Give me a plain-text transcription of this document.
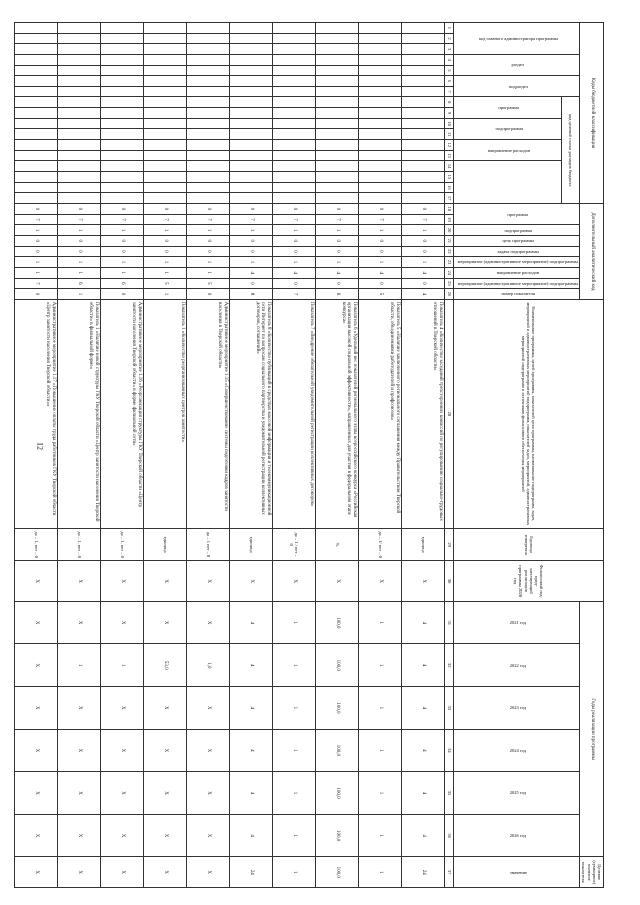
12
Коды бюджетной классификации																	Дополнительный аналитический код									Наименование программы, целей программы, показателей цели программы, наименование подпрограмм, задач, мероприятий и административных мероприятий подпрограмм, показателей задач, мероприятий, административных мероприятий подпрограмм и источников финансового обеспечения мероприятий	Единица измерения	Финансовый год, пред-шествующий реализации программы 2020 год	Годы реализации программы						Целевое (суммарное) значение показателя
код главного администратора программы			раздел		подраздел		код целевой статьи расходов бюджета										программа		подпрограмма	цель программы	задача подпрограммы	мероприятие (административное мероприятие) подпрограммы	направление расходов	мероприятие (административное мероприятие) подпрограммы	номер показателя				2021 год	2022 год	2023 год	2024 год	2025 год	2026 год	значение
							программа		подпрограмма		направление расходов																								
1	2	3	4	5	6	7	8	9	10	11	12	13	14	15	16	17	18	19	20	21	22	23	24	25	26	28	29	30	31	32	33	34	35	36	37
																	0	7	1	0	0	1	4	0	4	Показатель 4 «Количество заседаний трехсторонних комиссий по регулированию социально-трудовых отношений в Тверской области»	единица	X	4	4	4	4	4	4	24
																	0	7	1	0	0	1	4	0	5	Показатель 5 «Наличие заключенного регионального соглашения между Правительством Тверской области, объединениями работодателей и профсоюзов»	да – 1/ нет – 0	X	1	1	1	1	1	1	1
																	0	7	1	0	0	1	4	0	6	Показатель 6 «Удельный вес показателей регионального этапа всероссийского конкурса «Российская организация высокой социальной эффективности», направленных для участия в федеральном этапе конкурса»	%	X	100,0	100,0	100,0	100,0	100,0	100,0	100,0
																	0	7	1	0	0	1	4	0	7	Показатель 7 «Внедрение обязательной уведомительной регистрации коллективных договоров»	да – 1 / нет – 0	X	1	1	1	1	1	1	1
																	0	7	1	0	0	1	4	0	8	Показатель 8 «Количество публикаций в средствах массовой информации и телекоммуникационной сети Интернет по вопросам социального партнерства и уведомительной регистрации коллективных договоров, соглашений»	единица	X	4	4	4	4	4	4	24
																	0	7	1	0	0	1	1	5	0	Административное мероприятие 1.15 «Совершенствование системы подготовки кадров занятости населения в Тверской области»	да – 1 нет – 0	X	X	1,0	X	X	X	X	X
																	0	7	1	0	0	1	1	5	1	Показатель 1 «Количество реорганизованных центров занятости»	единица	X	X	53,0	X	X	X	X	X
																	0	7	1	0	0	1	1	6	0	Административное мероприятие 1.16 «Реорганизация структуры ГКУ Тверской области «Центр занятости населения Тверской области» в форме филиальной сети»	да – 1, нет – 0	X	X	1	X	X	X	X	X
																	0	7	1	0	0	1	1	6	1	Показатель 1 «Наличие новой структуры ГКУ Тверской области «Центр занятости населения Тверской области» в филиальной форме»	да – 1, нет – 0	X	X	1	X	X	X	X	X
																	0	7	1	0	0	1	1	7	0	Административное мероприятие 1.17 «Повышение оплаты труда работников ГКУ Тверской области «Центр занятости населения Тверской области»»	да – 1, нет – 0	X	X	X	X	X	X	X	X
